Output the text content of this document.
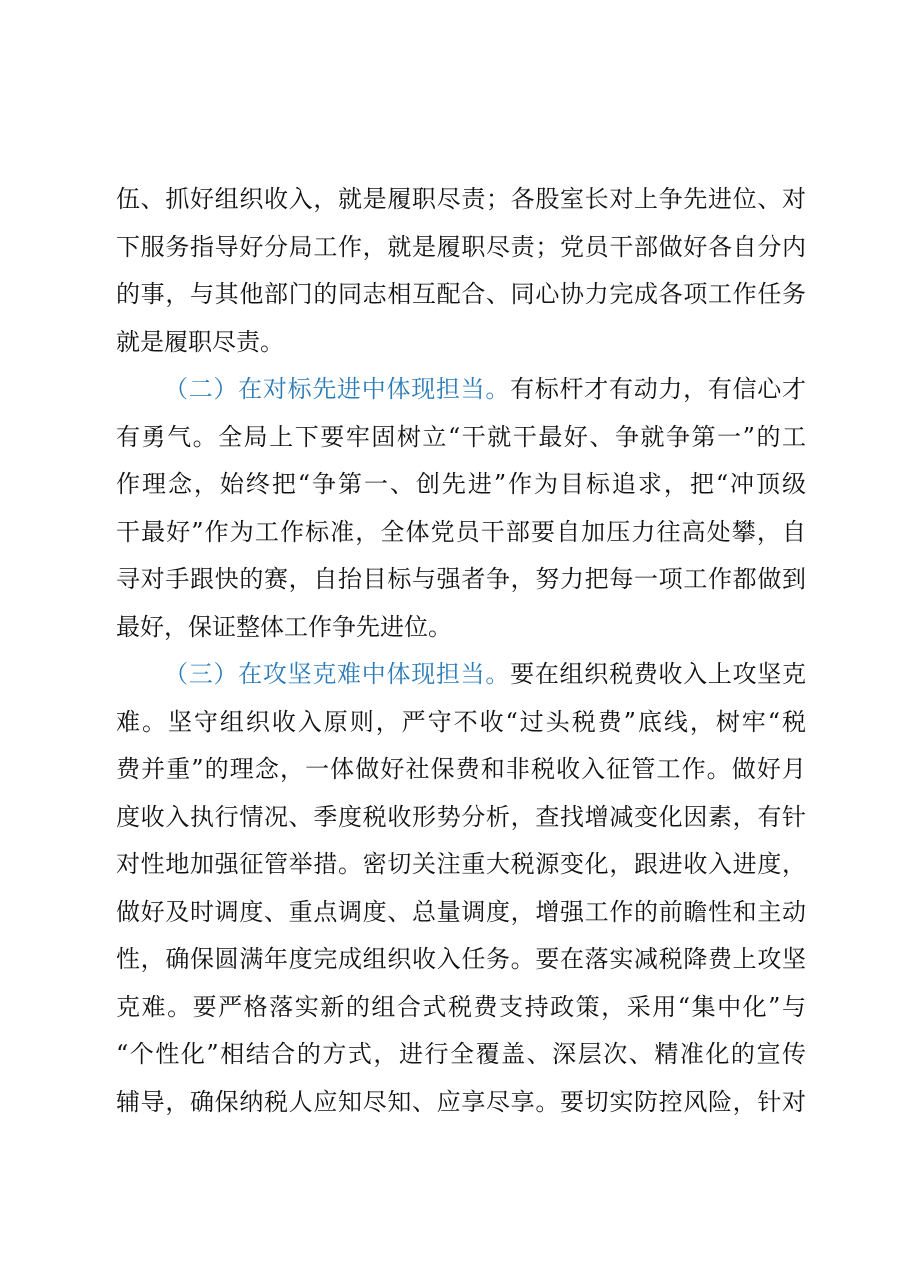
伍、抓好组织收入，就是履职尽责；各股室长对上争先进位、对
下服务指导好分局工作，就是履职尽责；党员干部做好各自分内
的事，与其他部门的同志相互配合、同心协力完成各项工作任务
就是履职尽责。
（二）在对标先进中体现担当。有标杆才有动力，有信心才
有勇气。全局上下要牢固树立“干就干最好、争就争第一”的工
作理念，始终把“争第一、创先进”作为目标追求，把“冲顶级
干最好”作为工作标准，全体党员干部要自加压力往高处攀，自
寻对手跟快的赛，自抬目标与强者争，努力把每一项工作都做到
最好，保证整体工作争先进位。
（三）在攻坚克难中体现担当。要在组织税费收入上攻坚克
难。坚守组织收入原则，严守不收“过头税费”底线，树牢“税
费并重”的理念，一体做好社保费和非税收入征管工作。做好月
度收入执行情况、季度税收形势分析，查找增减变化因素，有针
对性地加强征管举措。密切关注重大税源变化，跟进收入进度，
做好及时调度、重点调度、总量调度，增强工作的前瞻性和主动
性，确保圆满年度完成组织收入任务。要在落实减税降费上攻坚
克难。要严格落实新的组合式税费支持政策，采用“集中化”与
“个性化”相结合的方式，进行全覆盖、深层次、精准化的宣传
辅导，确保纳税人应知尽知、应享尽享。要切实防控风险，针对
